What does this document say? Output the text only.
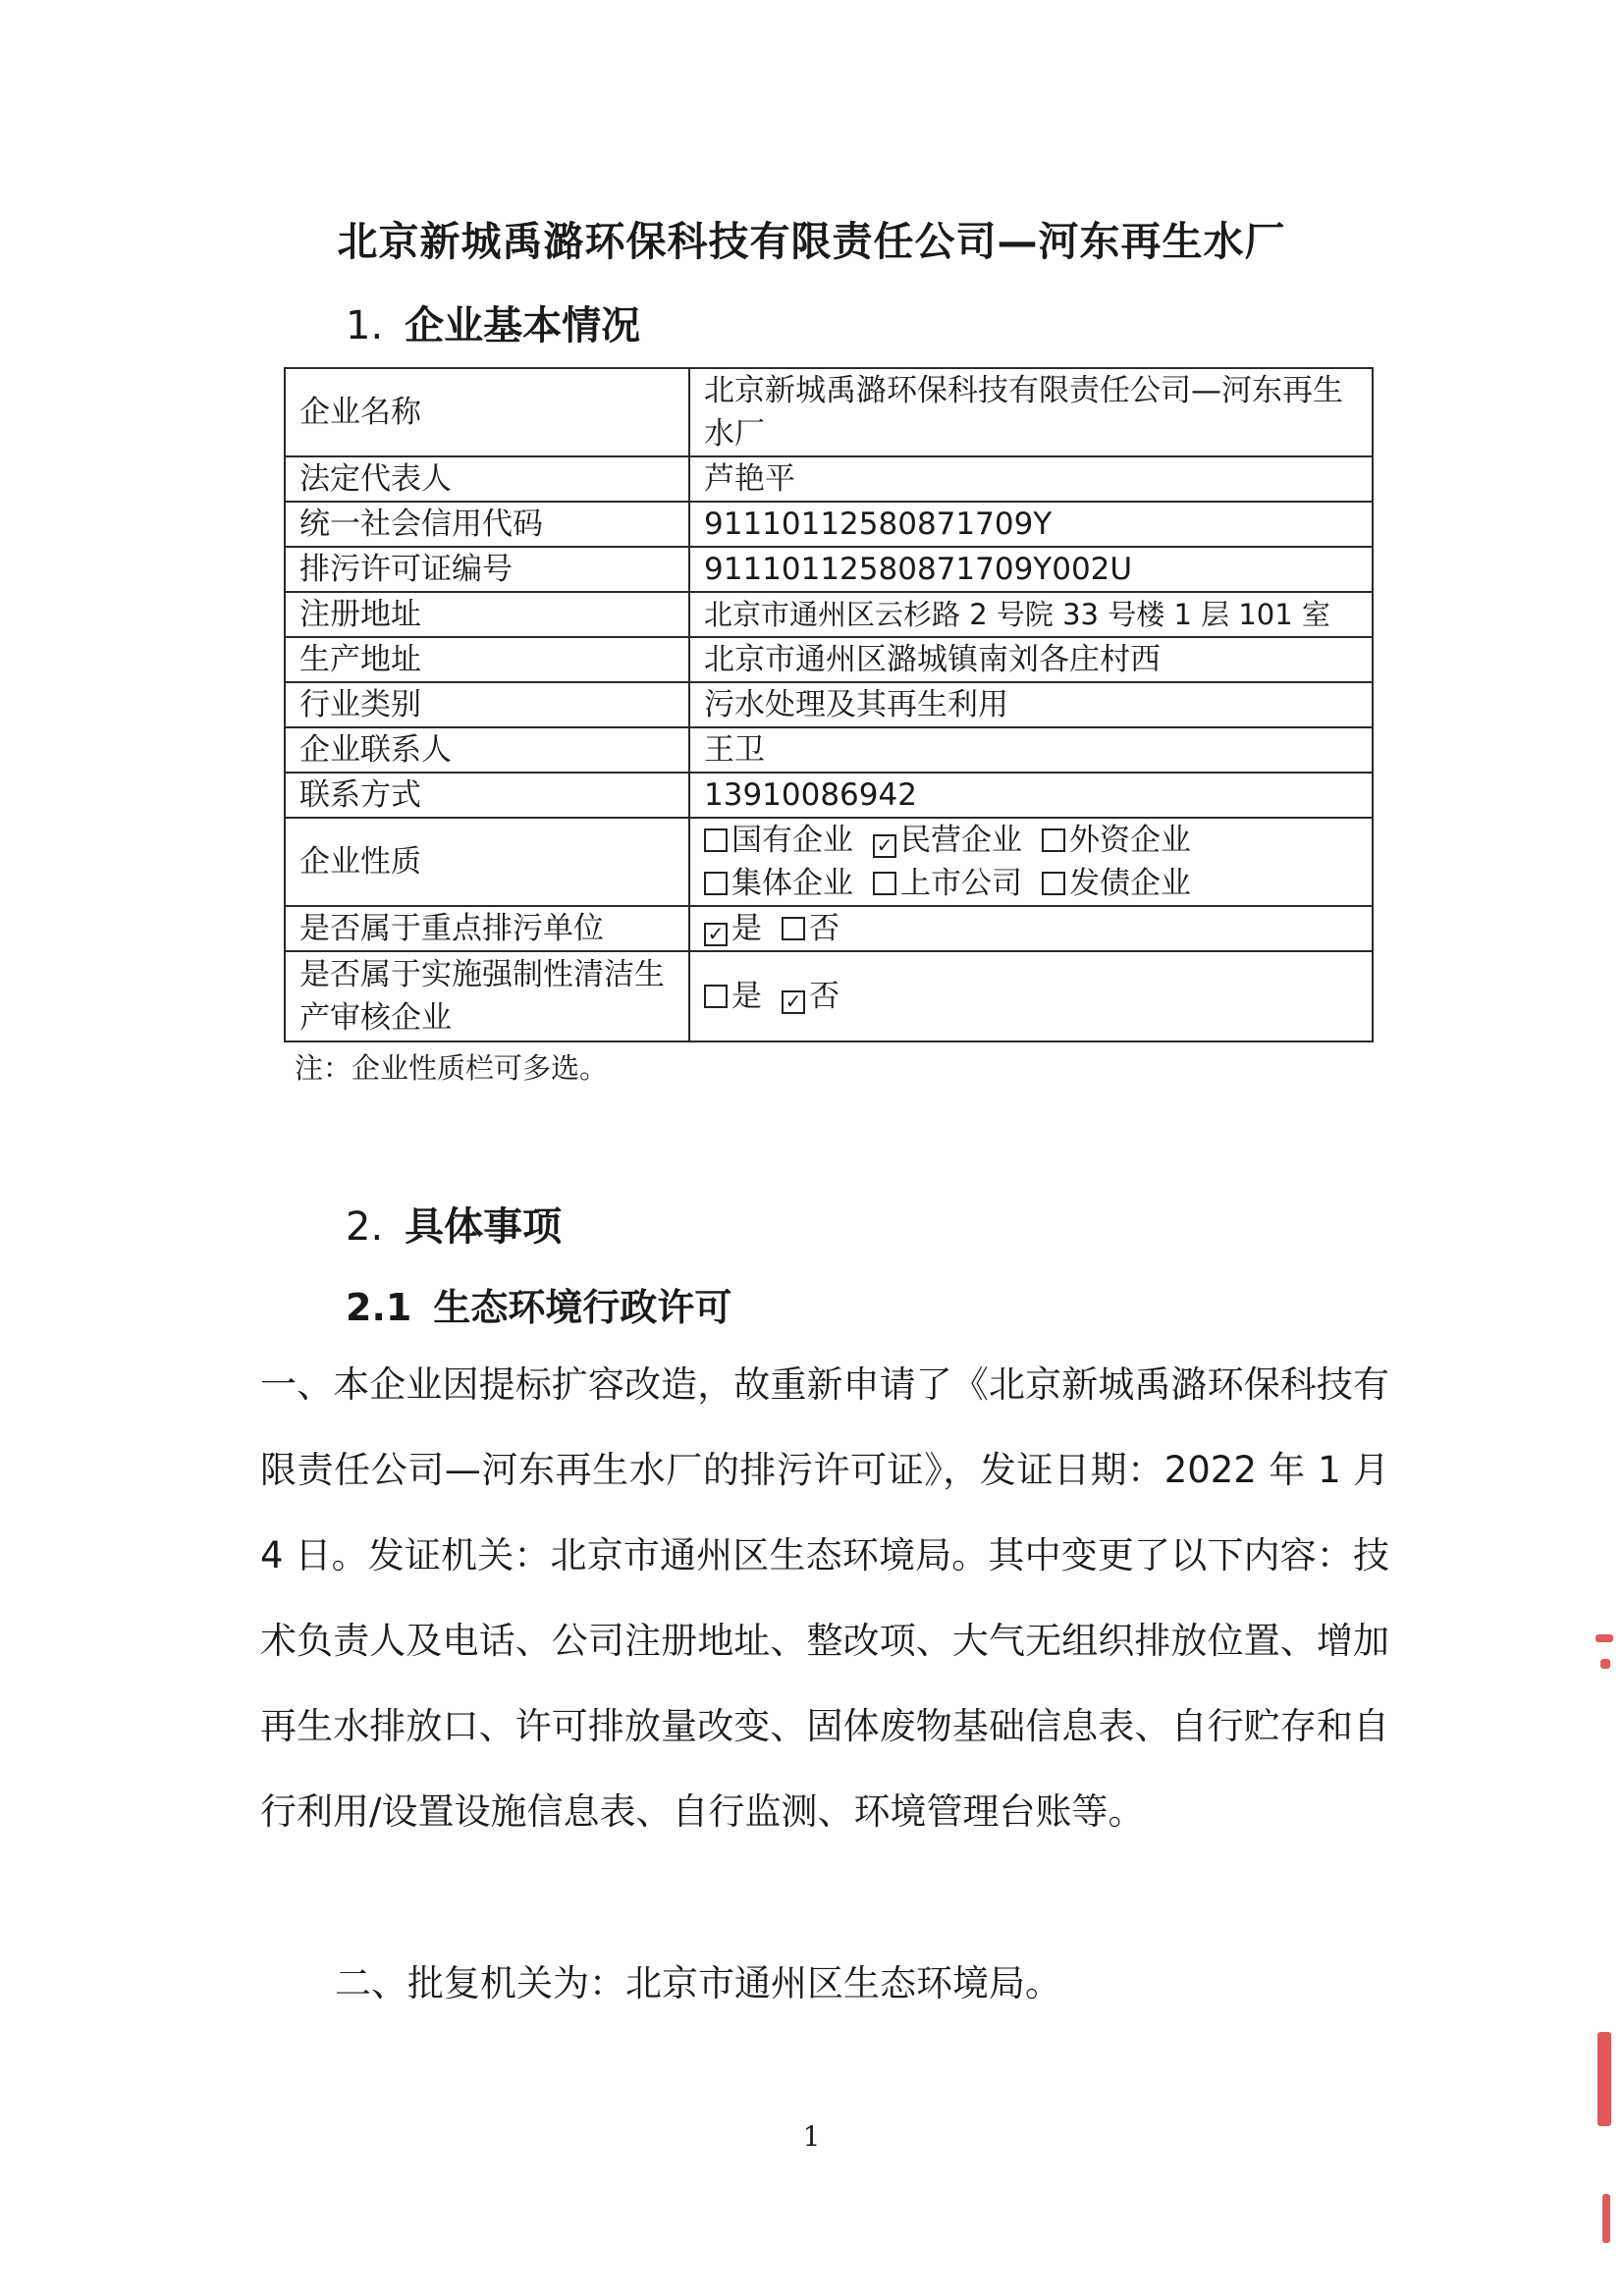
北京新城禹潞环保科技有限责任公司—河东再生水厂
1. 企业基本情况
企业名称	北京新城禹潞环保科技有限责任公司—河东再生水厂
法定代表人	芦艳平
统一社会信用代码	91110112580871709Y
排污许可证编号	91110112580871709Y002U
注册地址	北京市通州区云杉路 2 号院 33 号楼 1 层 101 室
生产地址	北京市通州区潞城镇南刘各庄村西
行业类别	污水处理及其再生利用
企业联系人	王卫
联系方式	13910086942
企业性质	国有企业 ✓ 民营企业 外资企业
集体企业 上市公司 发债企业

是否属于重点排污单位	✓ 是 否
是否属于实施强制性清洁生产审核企业	是 ✓ 否
注：企业性质栏可多选。
2. 具体事项
2.1 生态环境行政许可
一、本企业因提标扩容改造，故重新申请了《北京新城禹潞环保科技有限责任公司—河东再生水厂的排污许可证》，发证日期：2022 年 1 月 4 日。发证机关：北京市通州区生态环境局。其中变更了以下内容：技术负责人及电话、公司注册地址、整改项、大气无组织排放位置、增加再生水排放口、许可排放量改变、固体废物基础信息表、自行贮存和自行利用/设置设施信息表、自行监测、环境管理台账等。
二、批复机关为：北京市通州区生态环境局。
1
